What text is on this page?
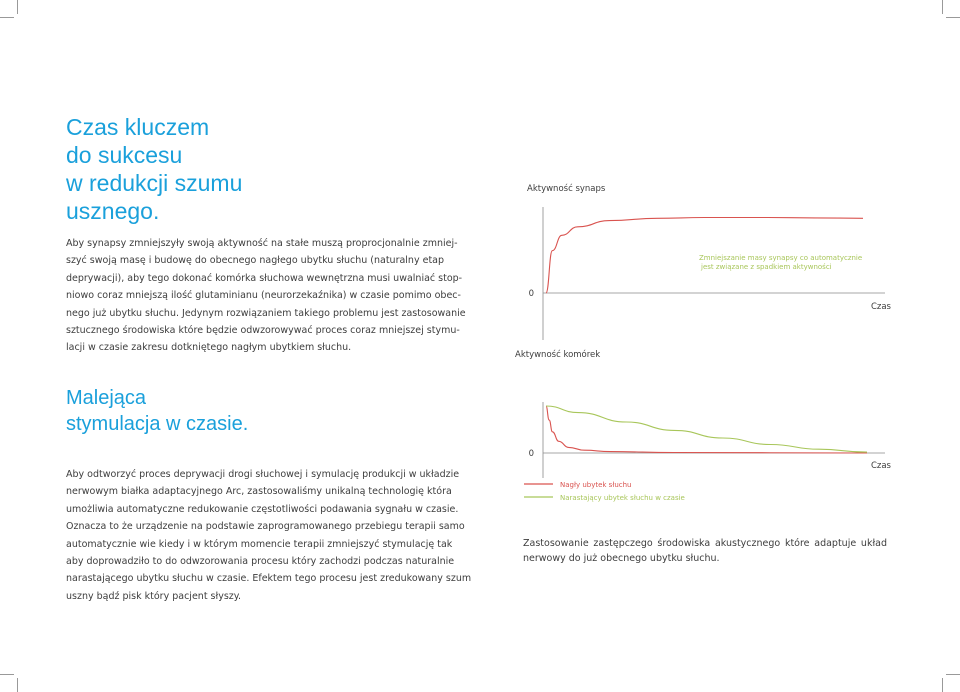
Czas kluczem
do sukcesu
w redukcji szumu
usznego.
Aby synapsy zmniejszyły swoją aktywność na stałe muszą proprocjonalnie zmniej-
szyć swoją masę i budowę do obecnego nagłego ubytku słuchu (naturalny etap
deprywacji), aby tego dokonać komórka słuchowa wewnętrzna musi uwalniać stop-
niowo coraz mniejszą ilość glutaminianu (neurorzekaźnika) w czasie pomimo obec-
nego już ubytku słuchu. Jedynym rozwiązaniem takiego problemu jest zastosowanie
sztucznego środowiska które będzie odwzorowywać proces coraz mniejszej stymu-
lacji w czasie zakresu dotkniętego nagłym ubytkiem słuchu.
Malejąca
stymulacja w czasie.
Aby odtworzyć proces deprywacji drogi słuchowej i symulację produkcji w układzie
nerwowym białka adaptacyjnego Arc, zastosowaliśmy unikalną technologię która
umożliwia automatyczne redukowanie częstotliwości podawania sygnału w czasie.
Oznacza to że urządzenie na podstawie zaprogramowanego przebiegu terapii samo
automatycznie wie kiedy i w którym momencie terapii zmniejszyć stymulację tak
aby doprowadziło to do odwzorowania procesu który zachodzi podczas naturalnie
narastającego ubytku słuchu w czasie. Efektem tego procesu jest zredukowany szum
uszny bądź pisk który pacjent słyszy.
Aktywność synaps
0
Czas
Zmniejszanie masy synapsy co automatycznie
jest związane z spadkiem aktywności
Aktywność komórek
0
Czas
Nagły ubytek słuchu
Narastający ubytek słuchu w czasie
Zastosowanie zastępczego środowiska akustycznego które adaptuje układ
nerwowy do już obecnego ubytku słuchu.
